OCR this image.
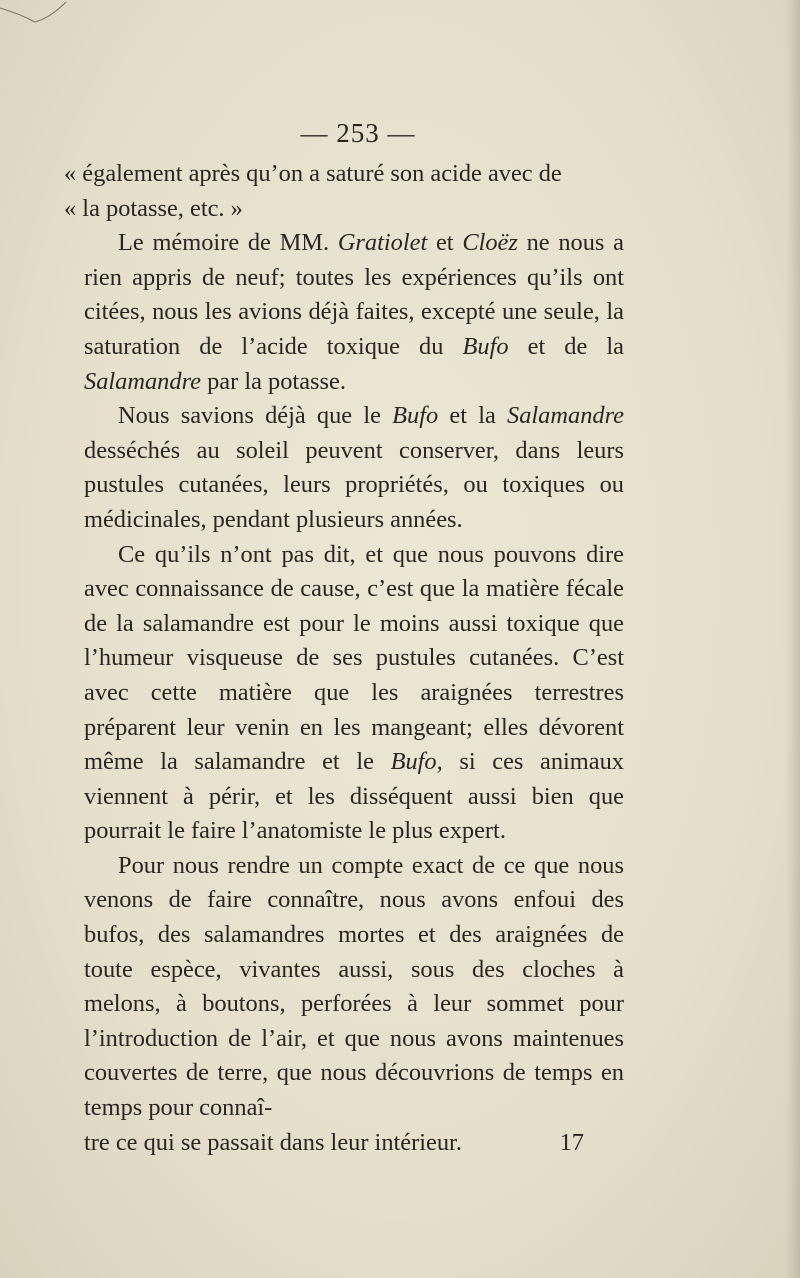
— 253 —

« également après qu’on a saturé son acide avec de

« la potasse, etc. »

Le mémoire de MM. Gratiolet et Cloëz ne nous a rien appris de neuf; toutes les expériences qu’ils ont citées, nous les avions déjà faites, excepté une seule, la saturation de l’acide toxique du Bufo et de la Salamandre par la potasse.

Nous savions déjà que le Bufo et la Salamandre desséchés au soleil peuvent conserver, dans leurs pustules cutanées, leurs propriétés, ou toxiques ou médicinales, pendant plusieurs années.

Ce qu’ils n’ont pas dit, et que nous pouvons dire avec connaissance de cause, c’est que la matière fécale de la salamandre est pour le moins aussi toxique que l’humeur visqueuse de ses pustules cutanées. C’est avec cette matière que les araignées terrestres préparent leur venin en les mangeant; elles dévorent même la salamandre et le Bufo, si ces animaux viennent à périr, et les disséquent aussi bien que pourrait le faire l’anatomiste le plus expert.

Pour nous rendre un compte exact de ce que nous venons de faire connaître, nous avons enfoui des bufos, des salamandres mortes et des araignées de toute espèce, vivantes aussi, sous des cloches à melons, à boutons, perforées à leur sommet pour l’introduction de l’air, et que nous avons maintenues couvertes de terre, que nous découvrions de temps en temps pour connaî-

tre ce qui se passait dans leur intérieur.	17
